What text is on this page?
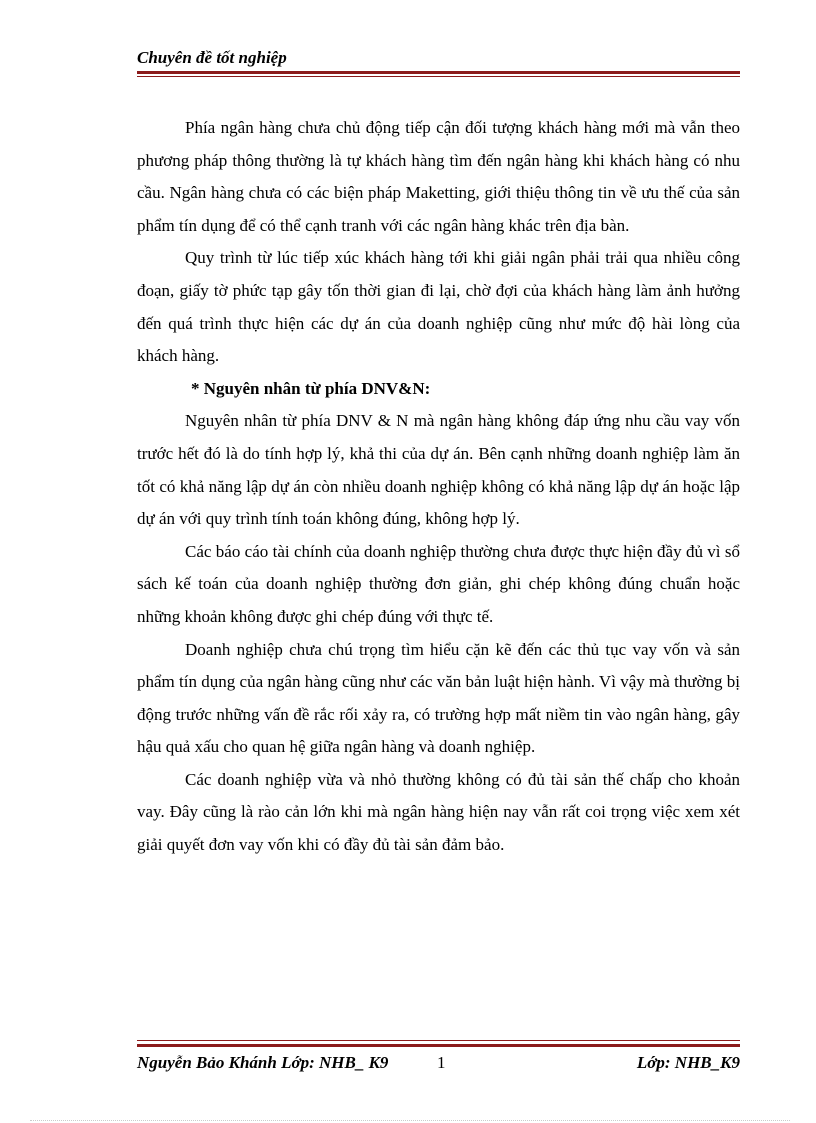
Chuyên đề tốt nghiệp

Phía ngân hàng chưa chủ động tiếp cận đối tượng khách hàng mới mà vẫn theo phương pháp thông thường là tự khách hàng tìm đến ngân hàng khi khách hàng có nhu cầu. Ngân hàng chưa có các biện pháp Maketting, giới thiệu thông tin về ưu thế của sản phẩm tín dụng để có thể cạnh tranh với các ngân hàng khác trên địa bàn.

Quy trình từ lúc tiếp xúc khách hàng tới khi giải ngân phải trải qua nhiều công đoạn, giấy tờ phức tạp gây tốn thời gian đi lại, chờ đợi của khách hàng làm ảnh hưởng đến quá trình thực hiện các dự án của doanh nghiệp cũng như mức độ hài lòng của khách hàng.

* Nguyên nhân từ phía DNV&N:

Nguyên nhân từ phía DNV & N mà ngân hàng không đáp ứng nhu cầu vay vốn trước hết đó là do tính hợp lý, khả thi của dự án. Bên cạnh những doanh nghiệp làm ăn tốt có khả năng lập dự án còn nhiều doanh nghiệp không có khả năng lập dự án hoặc lập dự án với quy trình tính toán không đúng, không hợp lý.

Các báo cáo tài chính của doanh nghiệp thường chưa được thực hiện đầy đủ vì sổ sách kế toán của doanh nghiệp thường đơn giản, ghi chép không đúng chuẩn hoặc những khoản không được ghi chép đúng với thực tế.

Doanh nghiệp chưa chú trọng tìm hiểu cặn kẽ đến các thủ tục vay vốn và sản phẩm tín dụng của ngân hàng cũng như các văn bản luật hiện hành. Vì vậy mà thường bị động trước những vấn đề rắc rối xảy ra, có trường hợp mất niềm tin vào ngân hàng, gây hậu quả xấu cho quan hệ giữa ngân hàng và doanh nghiệp.

Các doanh nghiệp vừa và nhỏ thường không có đủ tài sản thế chấp cho khoản vay. Đây cũng là rào cản lớn khi mà ngân hàng hiện nay vẫn rất coi trọng việc xem xét giải quyết đơn vay vốn khi có đầy đủ tài sản đảm bảo.

Nguyễn Bảo Khánh Lớp: NHB_ K9	1	Lớp: NHB_K9
